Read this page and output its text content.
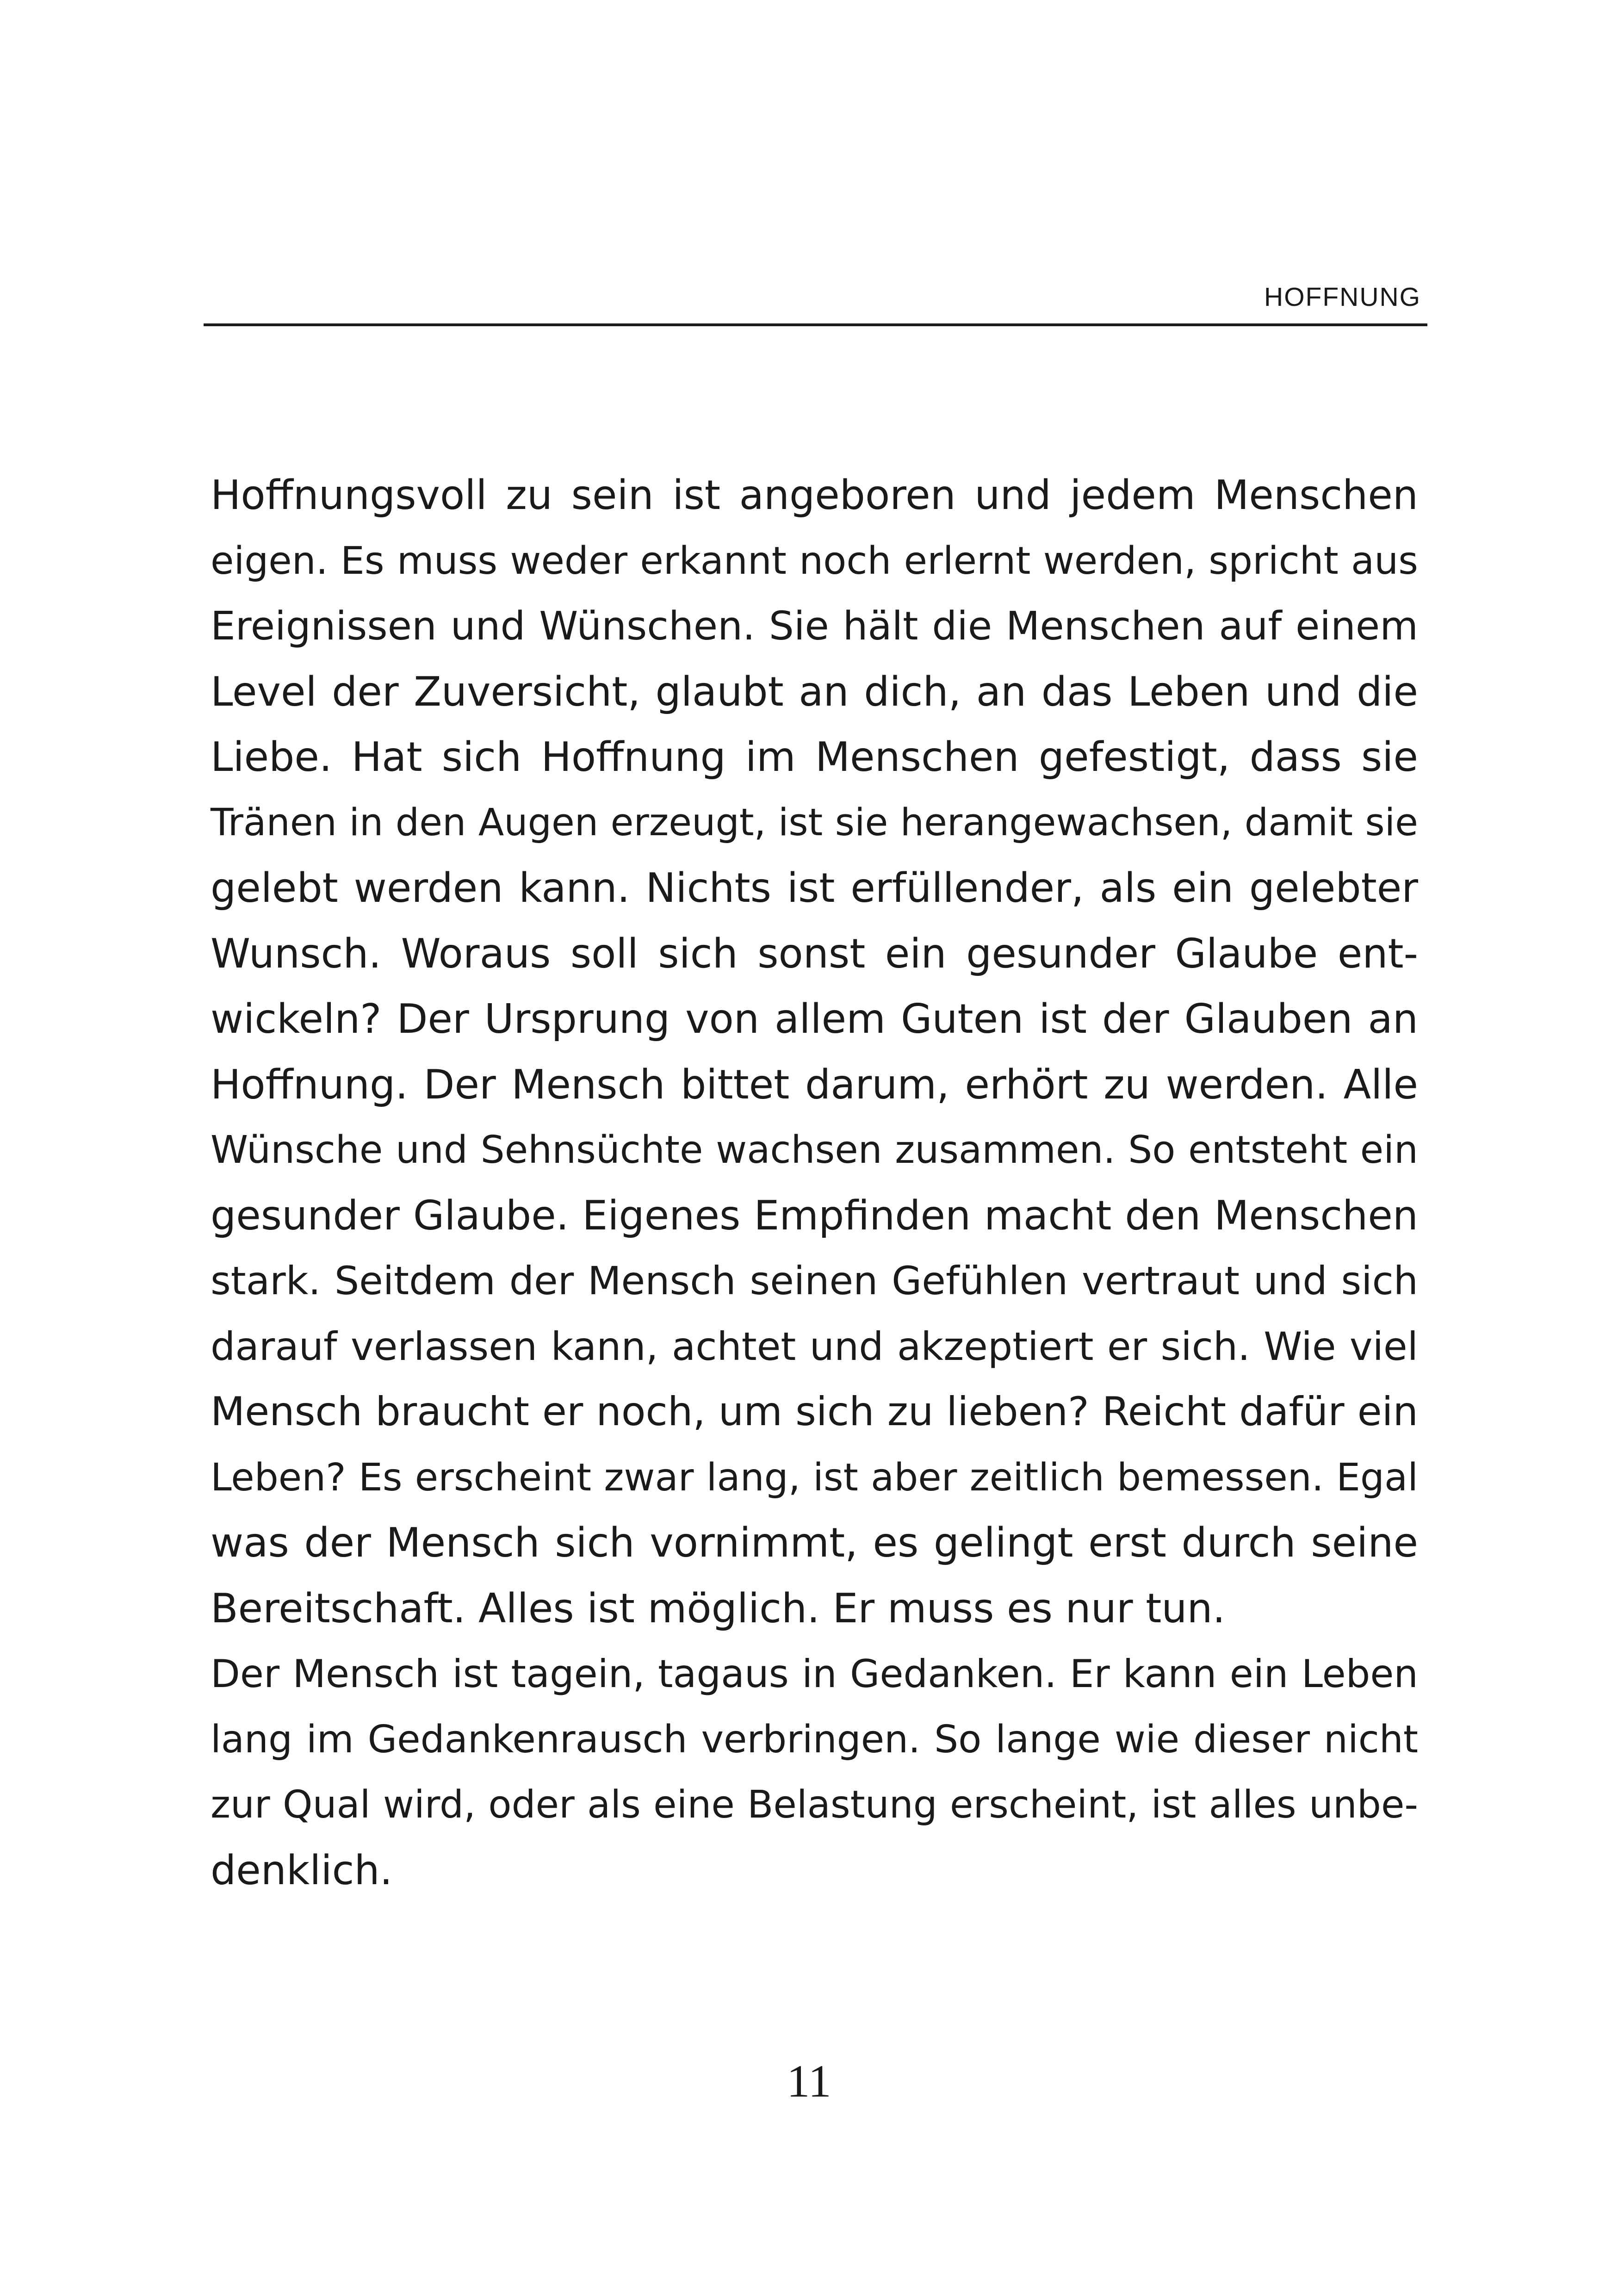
HOFFNUNG
Hoffnungsvoll zu sein ist angeboren und jedem Menschen
eigen. Es muss weder erkannt noch erlernt werden, spricht aus
Ereignissen und Wünschen. Sie hält die Menschen auf einem
Level der Zuversicht, glaubt an dich, an das Leben und die
Liebe. Hat sich Hoffnung im Menschen gefestigt, dass sie
Tränen in den Augen erzeugt, ist sie herangewachsen, damit sie
gelebt werden kann. Nichts ist erfüllender, als ein gelebter
Wunsch. Woraus soll sich sonst ein gesunder Glaube ent-
wickeln? Der Ursprung von allem Guten ist der Glauben an
Hoffnung. Der Mensch bittet darum, erhört zu werden. Alle
Wünsche und Sehnsüchte wachsen zusammen. So entsteht ein
gesunder Glaube. Eigenes Empfinden macht den Menschen
stark. Seitdem der Mensch seinen Gefühlen vertraut und sich
darauf verlassen kann, achtet und akzeptiert er sich. Wie viel
Mensch braucht er noch, um sich zu lieben? Reicht dafür ein
Leben? Es erscheint zwar lang, ist aber zeitlich bemessen. Egal
was der Mensch sich vornimmt, es gelingt erst durch seine
Bereitschaft. Alles ist möglich. Er muss es nur tun.
Der Mensch ist tagein, tagaus in Gedanken. Er kann ein Leben
lang im Gedankenrausch verbringen. So lange wie dieser nicht
zur Qual wird, oder als eine Belastung erscheint, ist alles unbe-
denklich.
11
